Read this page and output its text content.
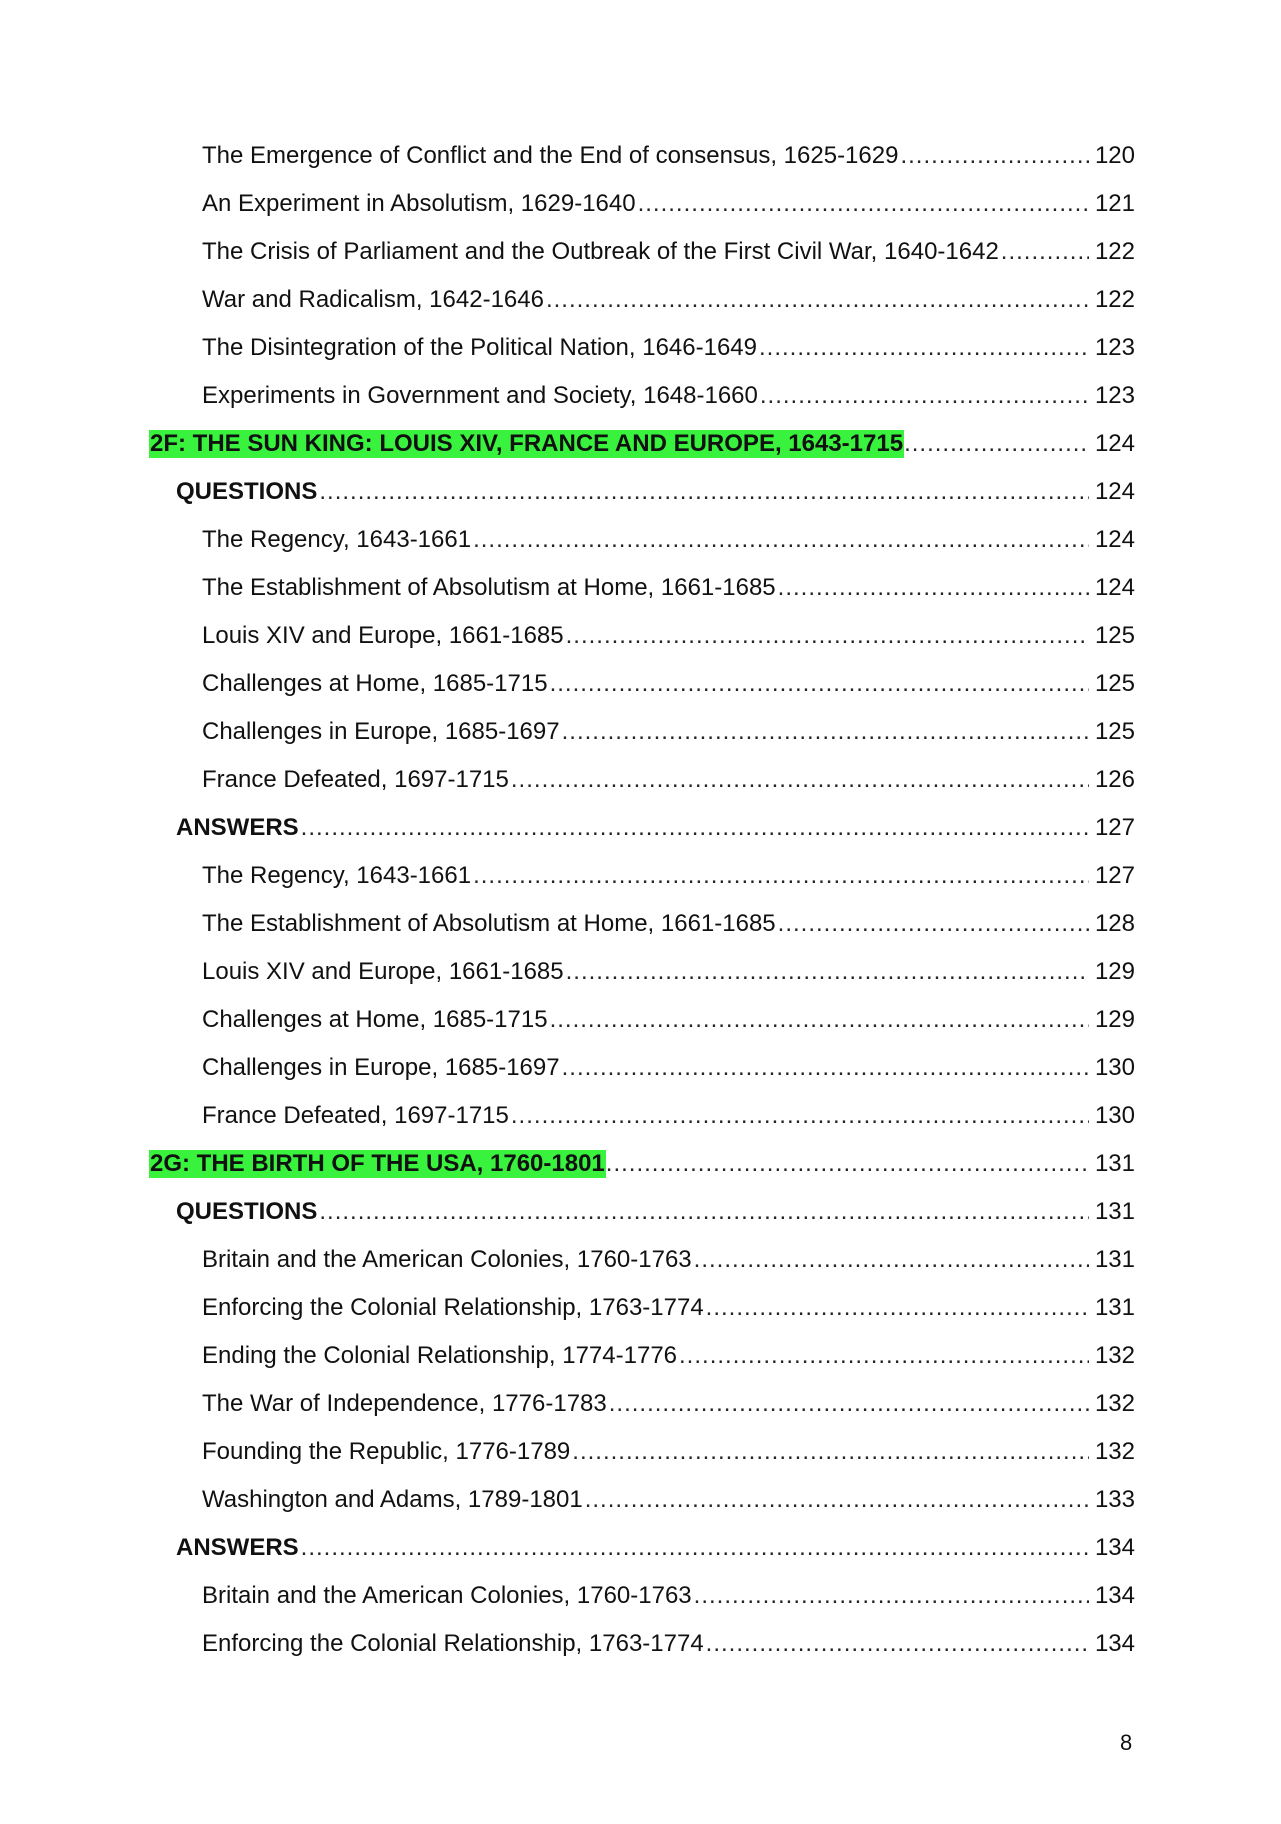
The Emergence of Conflict and the End of consensus, 1625-1629 .....	120
An Experiment in Absolutism, 1629-1640 .....	121
The Crisis of Parliament and the Outbreak of the First Civil War, 1640-1642 .....	122
War and Radicalism, 1642-1646 .....	122
The Disintegration of the Political Nation, 1646-1649 .....	123
Experiments in Government and Society, 1648-1660 .....	123
2F: THE SUN KING: LOUIS XIV, FRANCE AND EUROPE, 1643-1715 .....	124
QUESTIONS .....	124
The Regency, 1643-1661 .....	124
The Establishment of Absolutism at Home, 1661-1685 .....	124
Louis XIV and Europe, 1661-1685 .....	125
Challenges at Home, 1685-1715 .....	125
Challenges in Europe, 1685-1697 .....	125
France Defeated, 1697-1715 .....	126
ANSWERS .....	127
The Regency, 1643-1661 .....	127
The Establishment of Absolutism at Home, 1661-1685 .....	128
Louis XIV and Europe, 1661-1685 .....	129
Challenges at Home, 1685-1715 .....	129
Challenges in Europe, 1685-1697 .....	130
France Defeated, 1697-1715 .....	130
2G: THE BIRTH OF THE USA, 1760-1801 .....	131
QUESTIONS .....	131
Britain and the American Colonies, 1760-1763 .....	131
Enforcing the Colonial Relationship, 1763-1774 .....	131
Ending the Colonial Relationship, 1774-1776 .....	132
The War of Independence, 1776-1783 .....	132
Founding the Republic, 1776-1789 .....	132
Washington and Adams, 1789-1801 .....	133
ANSWERS .....	134
Britain and the American Colonies, 1760-1763 .....	134
Enforcing the Colonial Relationship, 1763-1774 .....	134
8
